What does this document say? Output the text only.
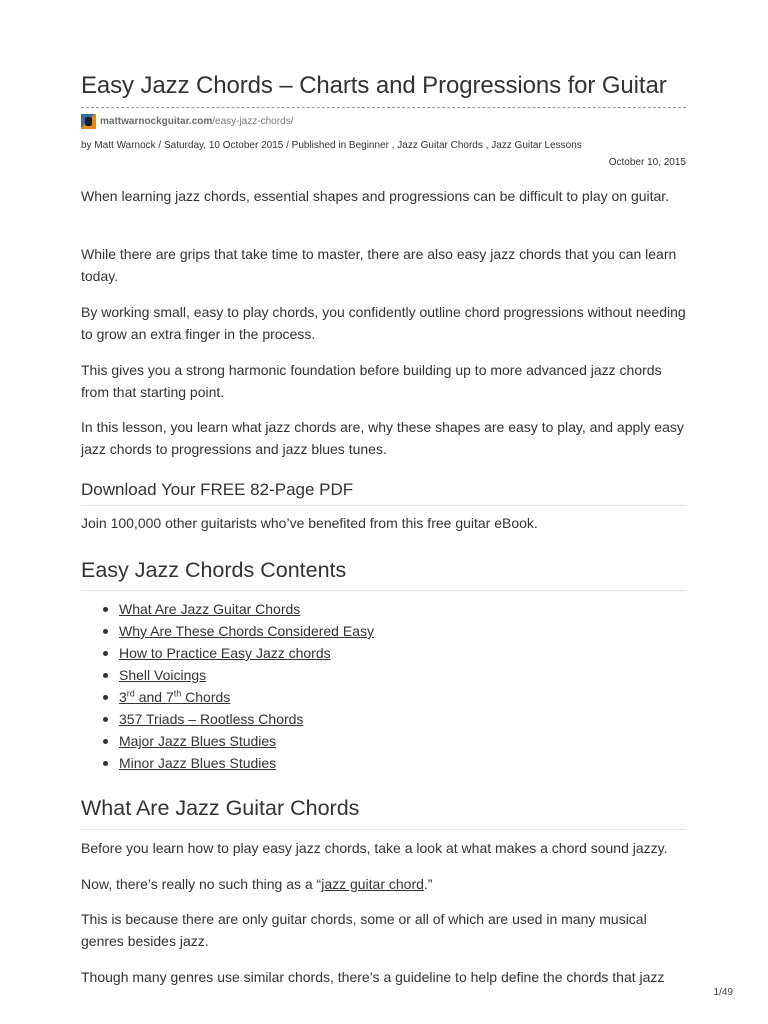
Easy Jazz Chords – Charts and Progressions for Guitar
mattwarnockguitar.com /easy-jazz-chords/
by Matt Warnock / Saturday, 10 October 2015 / Published in Beginner , Jazz Guitar Chords , Jazz Guitar Lessons
October 10, 2015

When learning jazz chords, essential shapes and progressions can be difficult to play on guitar.

While there are grips that take time to master, there are also easy jazz chords that you can learn today.

By working small, easy to play chords, you confidently outline chord progressions without needing to grow an extra finger in the process.

This gives you a strong harmonic foundation before building up to more advanced jazz chords from that starting point.

In this lesson, you learn what jazz chords are, why these shapes are easy to play, and apply easy jazz chords to progressions and jazz blues tunes.

Download Your FREE 82-Page PDF

Join 100,000 other guitarists who’ve benefited from this free guitar eBook.

Easy Jazz Chords Contents
What Are Jazz Guitar Chords
Why Are These Chords Considered Easy
How to Practice Easy Jazz chords
Shell Voicings
3rd and 7th Chords
357 Triads – Rootless Chords
Major Jazz Blues Studies
Minor Jazz Blues Studies
What Are Jazz Guitar Chords

Before you learn how to play easy jazz chords, take a look at what makes a chord sound jazzy.

Now, there’s really no such thing as a “jazz guitar chord.”

This is because there are only guitar chords, some or all of which are used in many musical genres besides jazz.

Though many genres use similar chords, there’s a guideline to help define the chords that jazz

1/49
